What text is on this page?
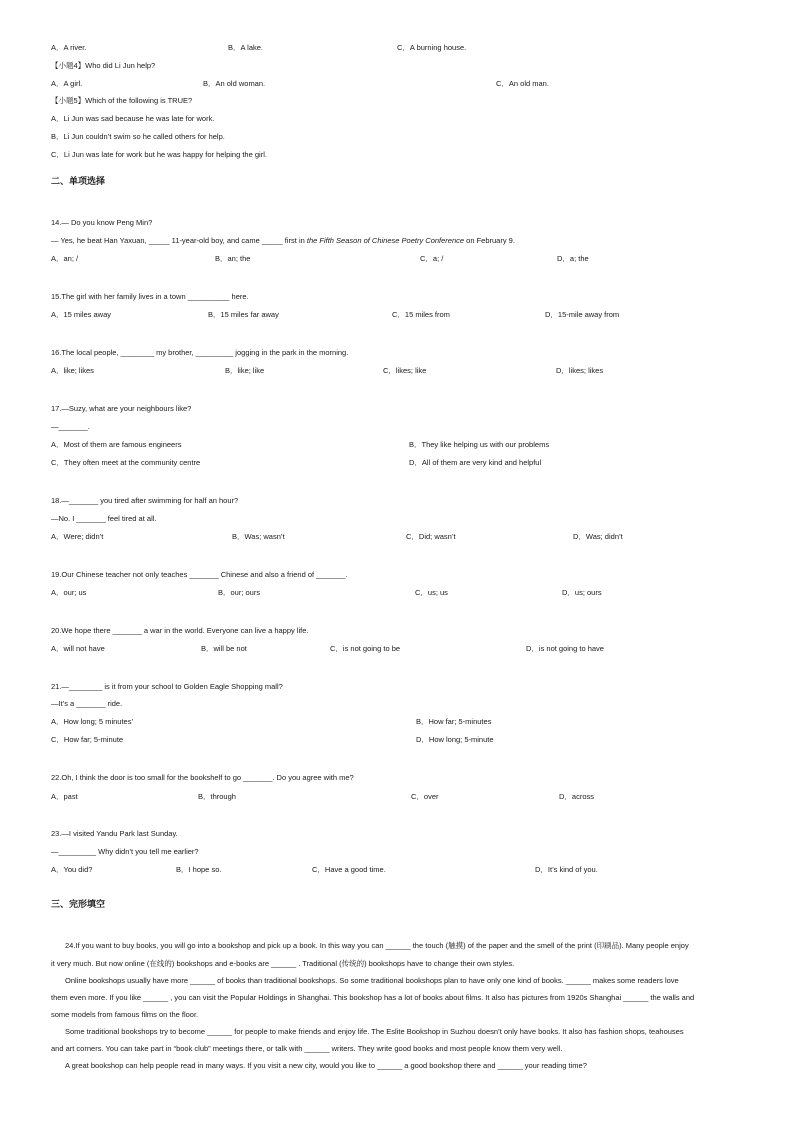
A．A river.	B．A lake.	C．A burning house.
【小题4】Who did Li Jun help?
A．A girl.	B．An old woman.	C．An old man.
【小题5】Which of the following is TRUE?
A．Li Jun was sad because he was late for work.
B．Li Jun couldn’t swim so he called others for help.
C．Li Jun was late for work but he was happy for helping the girl.
二、单项选择
14.— Do you know Peng Min?
— Yes, he beat Han Yaxuan, _____ 11-year-old boy, and came _____ first in the Fifth Season of Chinese Poetry Conference on February 9.
A．an; /	B．an; the	C．a; /	D．a; the
15.The girl with her family lives in a town __________ here.
A．15 miles away	B．15 miles far away	C．15 miles from	D．15-mile away from
16.The local people, ________ my brother, _________ jogging in the park in the morning.
A．like; likes	B．like; like	C．likes; like	D．likes; likes
17.—Suzy, what are your neighbours like?
—_______.
A．Most of them are famous engineers	B．They like helping us with our problems
C．They often meet at the community centre	D．All of them are very kind and helpful
18.—_______ you tired after swimming for half an hour?
—No. I _______ feel tired at all.
A．Were; didn’t	B．Was; wasn’t	C．Did; wasn’t	D．Was; didn’t
19.Our Chinese teacher not only teaches _______ Chinese and also a friend of _______.
A．our; us	B．our; ours	C．us; us	D．us; ours
20.We hope there _______ a war in the world. Everyone can live a happy life.
A．will not have	B．will be not	C．is not going to be	D．is not going to have
21.—________ is it from your school to Golden Eagle Shopping mall?
—It’s a _______ ride.
A．How long; 5 minutes’	B．How far; 5-minutes
C．How far; 5-minute	D．How long; 5-minute
22.Oh, I think the door is too small for the bookshelf to go _______. Do you agree with me?
A．past	B．through	C．over	D．across
23.—I visited Yandu Park last Sunday.
—_________ Why didn’t you tell me earlier?
A．You did?	B．I hope so.	C．Have a good time.	D．It’s kind of you.
三、完形填空
24.If you want to buy books, you will go into a bookshop and pick up a book. In this way you can ______ the touch (触摸) of the paper and the smell of the print (印刷品). Many people enjoy
it very much. But now online (在线的) bookshops and e-books are ______ . Traditional (传统的) bookshops have to change their own styles.
Online bookshops usually have more ______ of books than traditional bookshops. So some traditional bookshops plan to have only one kind of books. ______ makes some readers love
them even more. If you like ______ , you can visit the Popular Holdings in Shanghai. This bookshop has a lot of books about films. It also has pictures from 1920s Shanghai ______ the walls and
some models from famous films on the floor.
Some traditional bookshops try to become ______ for people to make friends and enjoy life. The Eslite Bookshop in Suzhou doesn’t only have books. It also has fashion shops, teahouses
and art corners. You can take part in “book club” meetings there, or talk with ______ writers. They write good books and most people know them very well.
A great bookshop can help people read in many ways. If you visit a new city, would you like to ______ a good bookshop there and ______ your reading time?
